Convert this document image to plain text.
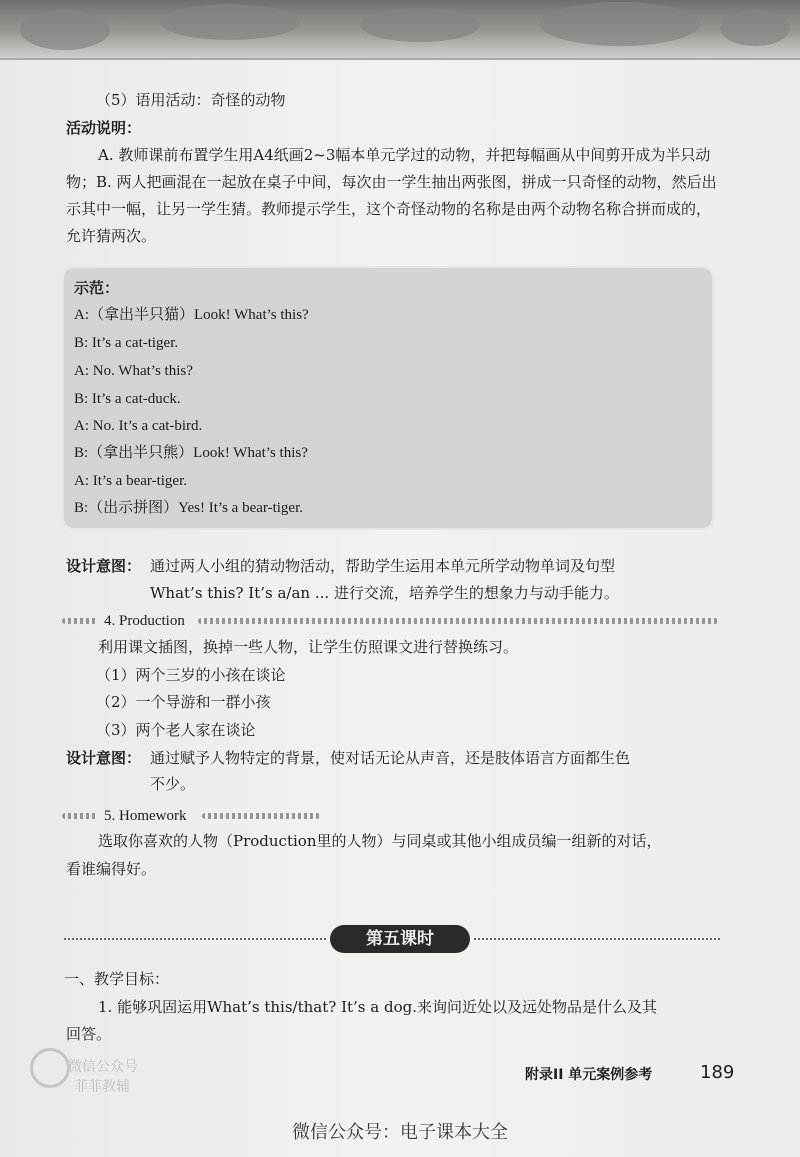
（5）语用活动：奇怪的动物
活动说明：
A. 教师课前布置学生用A4纸画2~3幅本单元学过的动物，并把每幅画从中间剪开成为半只动物；B. 两人把画混在一起放在桌子中间，每次由一学生抽出两张图，拼成一只奇怪的动物，然后出示其中一幅，让另一学生猜。教师提示学生，这个奇怪动物的名称是由两个动物名称合拼而成的，允许猜两次。
示范：
A:（拿出半只猫）Look! What’s this?
B: It’s a cat-tiger.
A: No. What’s this?
B: It’s a cat-duck.
A: No. It’s a cat-bird.
B:（拿出半只熊）Look! What’s this?
A: It’s a bear-tiger.
B:（出示拼图）Yes! It’s a bear-tiger.
设计意图： 通过两人小组的猜动物活动，帮助学生运用本单元所学动物单词及句型
What’s this? It’s a/an ... 进行交流，培养学生的想象力与动手能力。
4. Production
利用课文插图，换掉一些人物，让学生仿照课文进行替换练习。
（1）两个三岁的小孩在谈论
（2）一个导游和一群小孩
（3）两个老人家在谈论
设计意图： 通过赋予人物特定的背景，使对话无论从声音，还是肢体语言方面都生色
不少。
5. Homework
选取你喜欢的人物（Production里的人物）与同桌或其他小组成员编一组新的对话，
看谁编得好。
第五课时
一、教学目标：
1. 能够巩固运用What’s this/that? It’s a dog.来询问近处以及远处物品是什么及其
回答。
微信公众号
菲菲教辅
附录II 单元案例参考	189
微信公众号：电子课本大全
